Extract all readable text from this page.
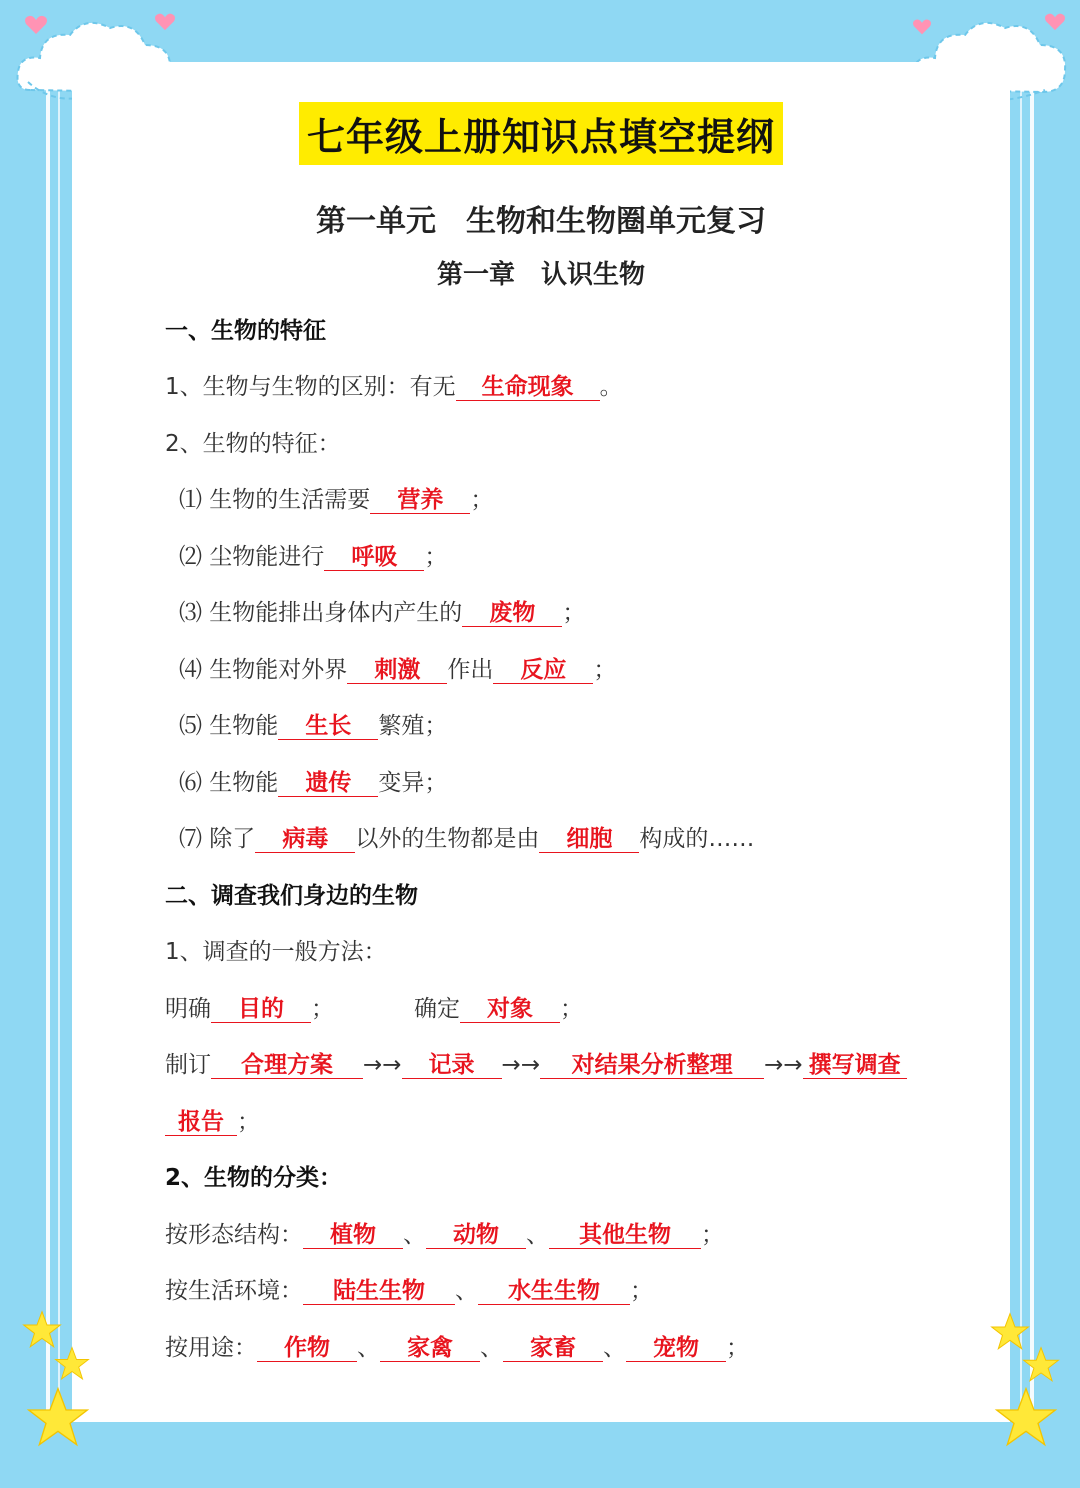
七年级上册知识点填空提纲
第一单元　生物和生物圈单元复习
第一章　认识生物
一、生物的特征
1、生物与生物的区别：有无 生命现象 。
2、生物的特征：
⑴ 生物的生活需要 营养 ；
⑵ 尘物能进行 呼吸 ；
⑶ 生物能排出身体内产生的 废物 ；
⑷ 生物能对外界 刺激 作出 反应 ；
⑸ 生物能 生长 繁殖；
⑹ 生物能 遗传 变异；
⑺ 除了 病毒 以外的生物都是由 细胞 构成的……
二、调查我们身边的生物
1、调查的一般方法：
明确 目的 ；	确定 对象 ；
制订 合理方案 →→ 记录 →→ 对结果分析整理 →→ 撰写调查
报告 ；
2、生物的分类：
按形态结构： 植物 、 动物 、 其他生物 ；
按生活环境： 陆生生物 、 水生生物 ；
按用途： 作物 、 家禽 、 家畜 、 宠物 ；
